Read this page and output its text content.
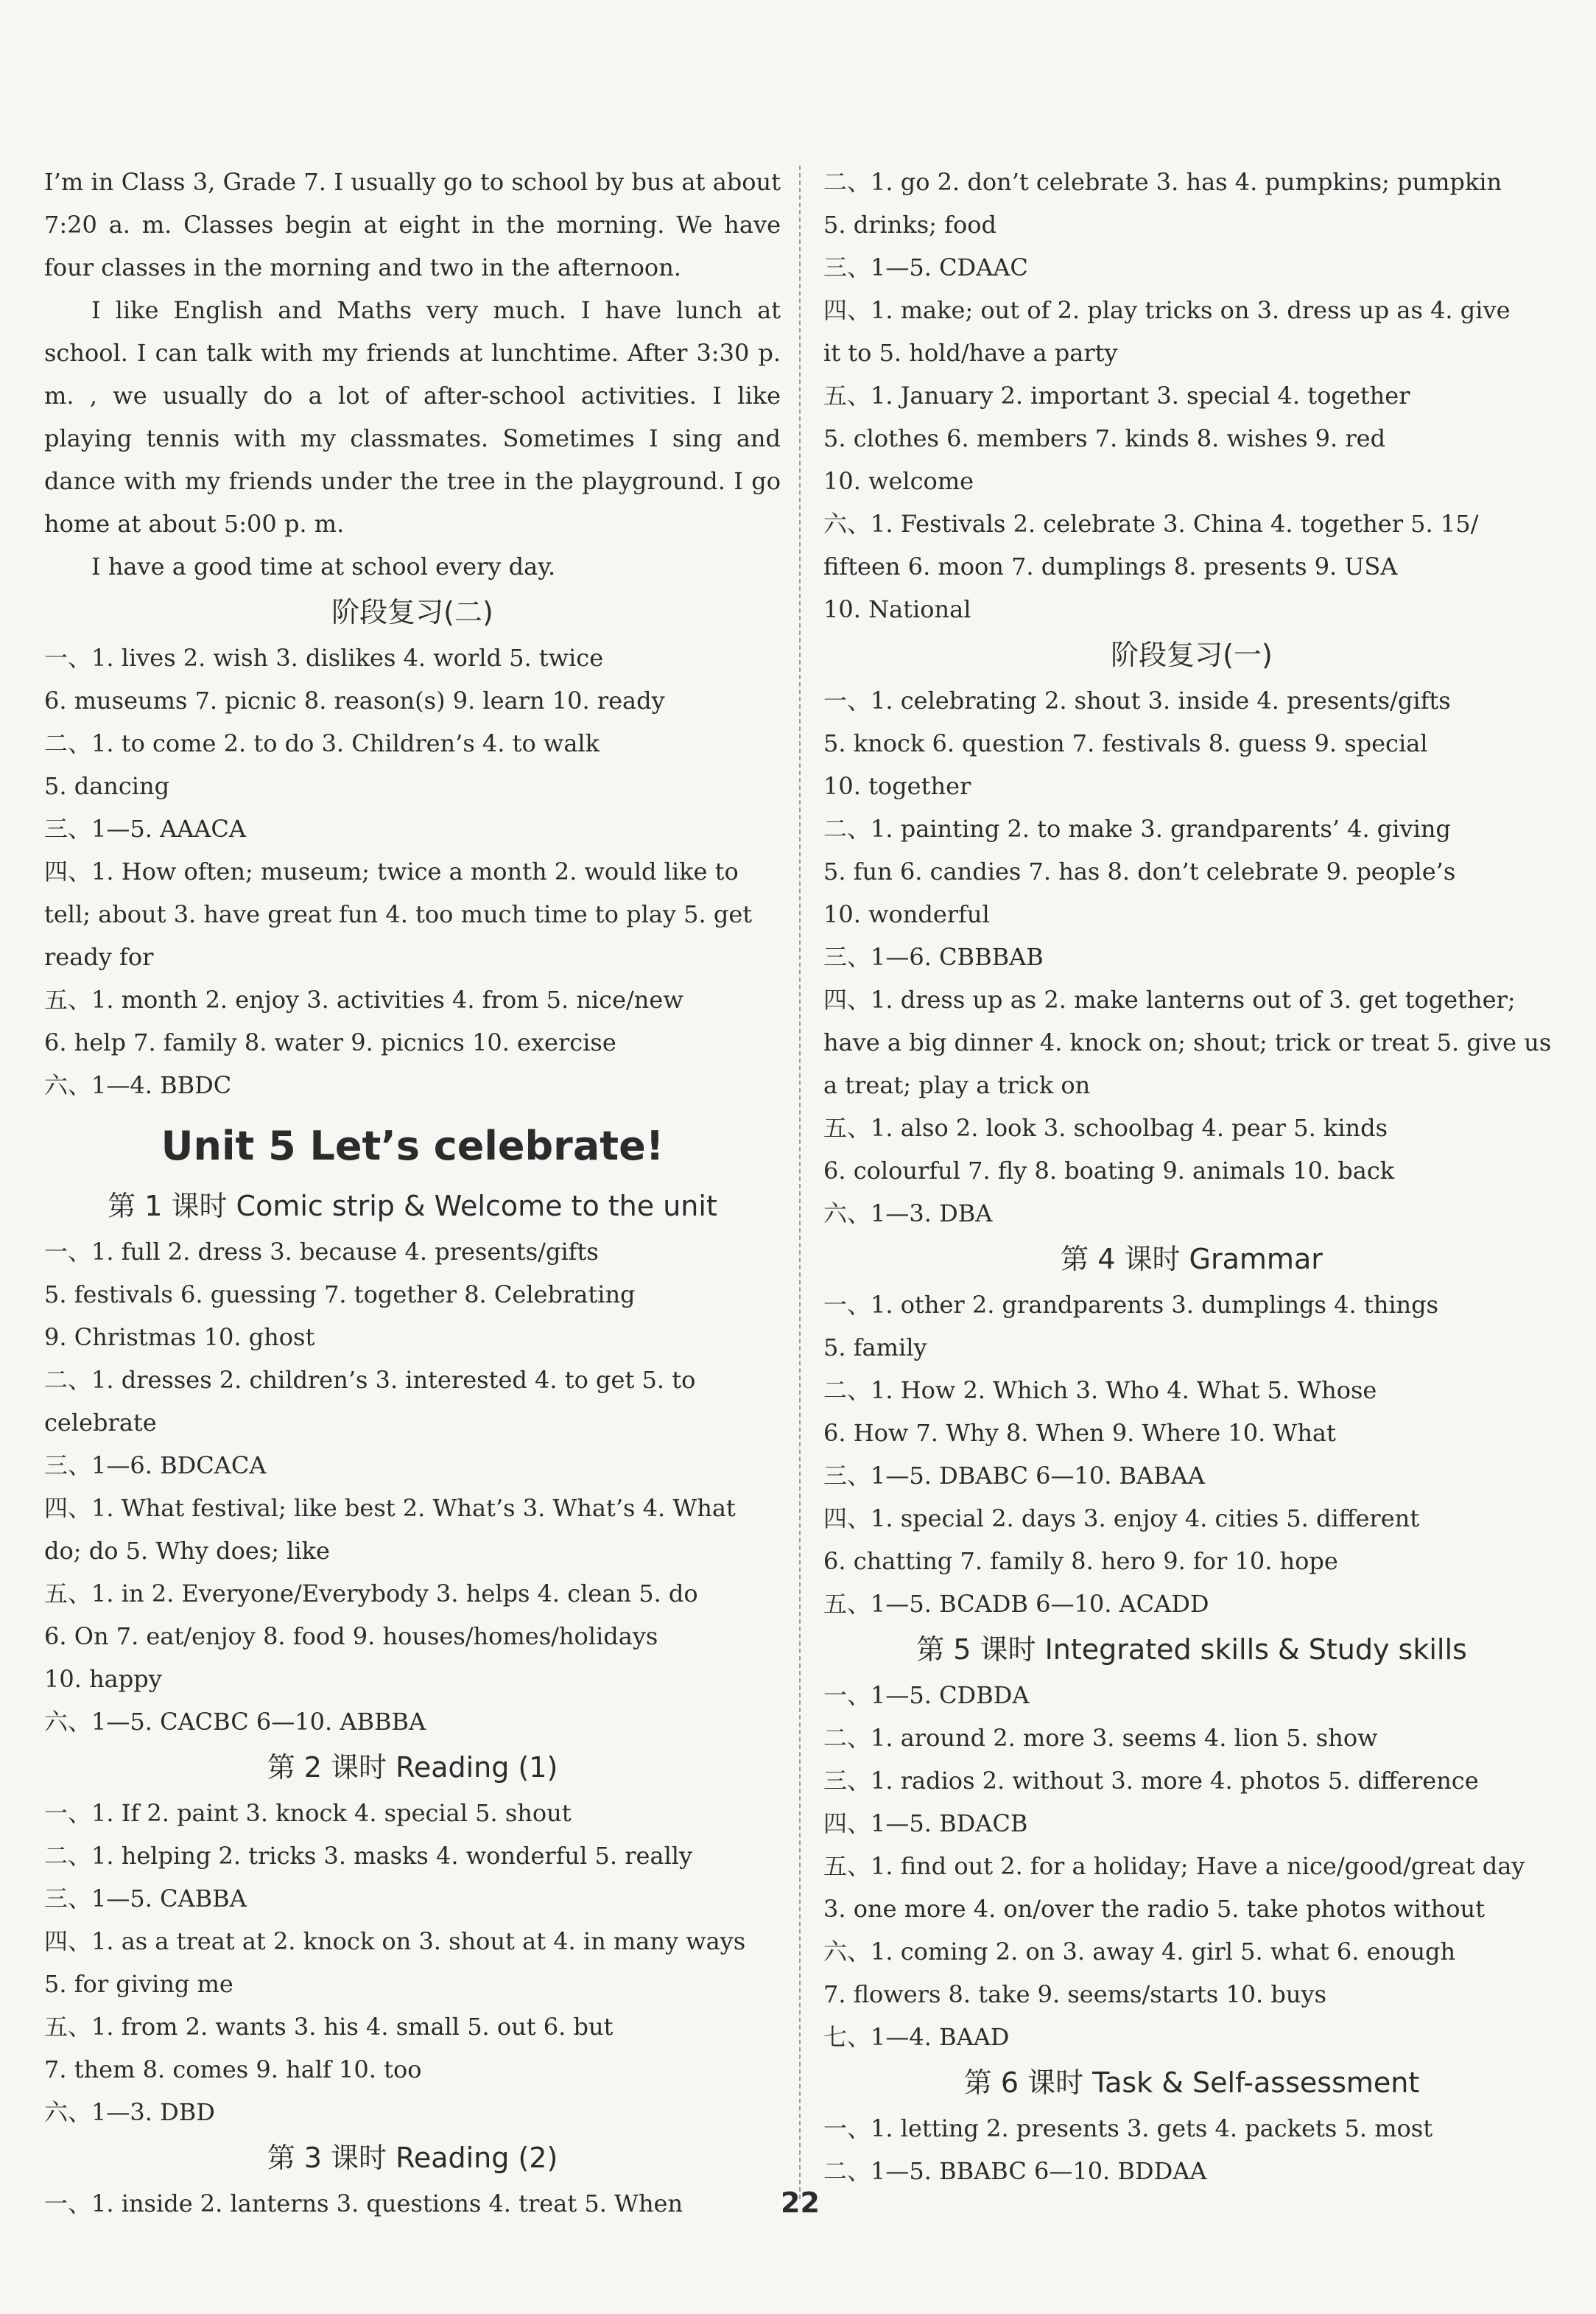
I’m in Class 3, Grade 7. I usually go to school by bus at about 7:20 a. m. Classes begin at eight in the morning. We have four classes in the morning and two in the afternoon.
I like English and Maths very much. I have lunch at school. I can talk with my friends at lunchtime. After 3:30 p. m. , we usually do a lot of after-school activities. I like playing tennis with my classmates. Sometimes I sing and dance with my friends under the tree in the playground. I go home at about 5:00 p. m.
I have a good time at school every day.
阶段复习(二)
一、1. lives 2. wish 3. dislikes 4. world 5. twice
6. museums 7. picnic 8. reason(s) 9. learn 10. ready
二、1. to come 2. to do 3. Children’s 4. to walk
5. dancing
三、1—5. AAACA
四、1. How often; museum; twice a month 2. would like to
tell; about 3. have great fun 4. too much time to play 5. get
ready for
五、1. month 2. enjoy 3. activities 4. from 5. nice/new
6. help 7. family 8. water 9. picnics 10. exercise
六、1—4. BBDC
Unit 5 Let’s celebrate!
第 1 课时 Comic strip & Welcome to the unit
一、1. full 2. dress 3. because 4. presents/gifts
5. festivals 6. guessing 7. together 8. Celebrating
9. Christmas 10. ghost
二、1. dresses 2. children’s 3. interested 4. to get 5. to
celebrate
三、1—6. BDCACA
四、1. What festival; like best 2. What’s 3. What’s 4. What
do; do 5. Why does; like
五、1. in 2. Everyone/Everybody 3. helps 4. clean 5. do
6. On 7. eat/enjoy 8. food 9. houses/homes/holidays
10. happy
六、1—5. CACBC 6—10. ABBBA
第 2 课时 Reading (1)
一、1. If 2. paint 3. knock 4. special 5. shout
二、1. helping 2. tricks 3. masks 4. wonderful 5. really
三、1—5. CABBA
四、1. as a treat at 2. knock on 3. shout at 4. in many ways
5. for giving me
五、1. from 2. wants 3. his 4. small 5. out 6. but
7. them 8. comes 9. half 10. too
六、1—3. DBD
第 3 课时 Reading (2)
一、1. inside 2. lanterns 3. questions 4. treat 5. When
二、1. go 2. don’t celebrate 3. has 4. pumpkins; pumpkin
5. drinks; food
三、1—5. CDAAC
四、1. make; out of 2. play tricks on 3. dress up as 4. give
it to 5. hold/have a party
五、1. January 2. important 3. special 4. together
5. clothes 6. members 7. kinds 8. wishes 9. red
10. welcome
六、1. Festivals 2. celebrate 3. China 4. together 5. 15/
fifteen 6. moon 7. dumplings 8. presents 9. USA
10. National
阶段复习(一)
一、1. celebrating 2. shout 3. inside 4. presents/gifts
5. knock 6. question 7. festivals 8. guess 9. special
10. together
二、1. painting 2. to make 3. grandparents’ 4. giving
5. fun 6. candies 7. has 8. don’t celebrate 9. people’s
10. wonderful
三、1—6. CBBBAB
四、1. dress up as 2. make lanterns out of 3. get together;
have a big dinner 4. knock on; shout; trick or treat 5. give us
a treat; play a trick on
五、1. also 2. look 3. schoolbag 4. pear 5. kinds
6. colourful 7. fly 8. boating 9. animals 10. back
六、1—3. DBA
第 4 课时 Grammar
一、1. other 2. grandparents 3. dumplings 4. things
5. family
二、1. How 2. Which 3. Who 4. What 5. Whose
6. How 7. Why 8. When 9. Where 10. What
三、1—5. DBABC 6—10. BABAA
四、1. special 2. days 3. enjoy 4. cities 5. different
6. chatting 7. family 8. hero 9. for 10. hope
五、1—5. BCADB 6—10. ACADD
第 5 课时 Integrated skills & Study skills
一、1—5. CDBDA
二、1. around 2. more 3. seems 4. lion 5. show
三、1. radios 2. without 3. more 4. photos 5. difference
四、1—5. BDACB
五、1. find out 2. for a holiday; Have a nice/good/great day
3. one more 4. on/over the radio 5. take photos without
六、1. coming 2. on 3. away 4. girl 5. what 6. enough
7. flowers 8. take 9. seems/starts 10. buys
七、1—4. BAAD
第 6 课时 Task & Self-assessment
一、1. letting 2. presents 3. gets 4. packets 5. most
二、1—5. BBABC 6—10. BDDAA
22
